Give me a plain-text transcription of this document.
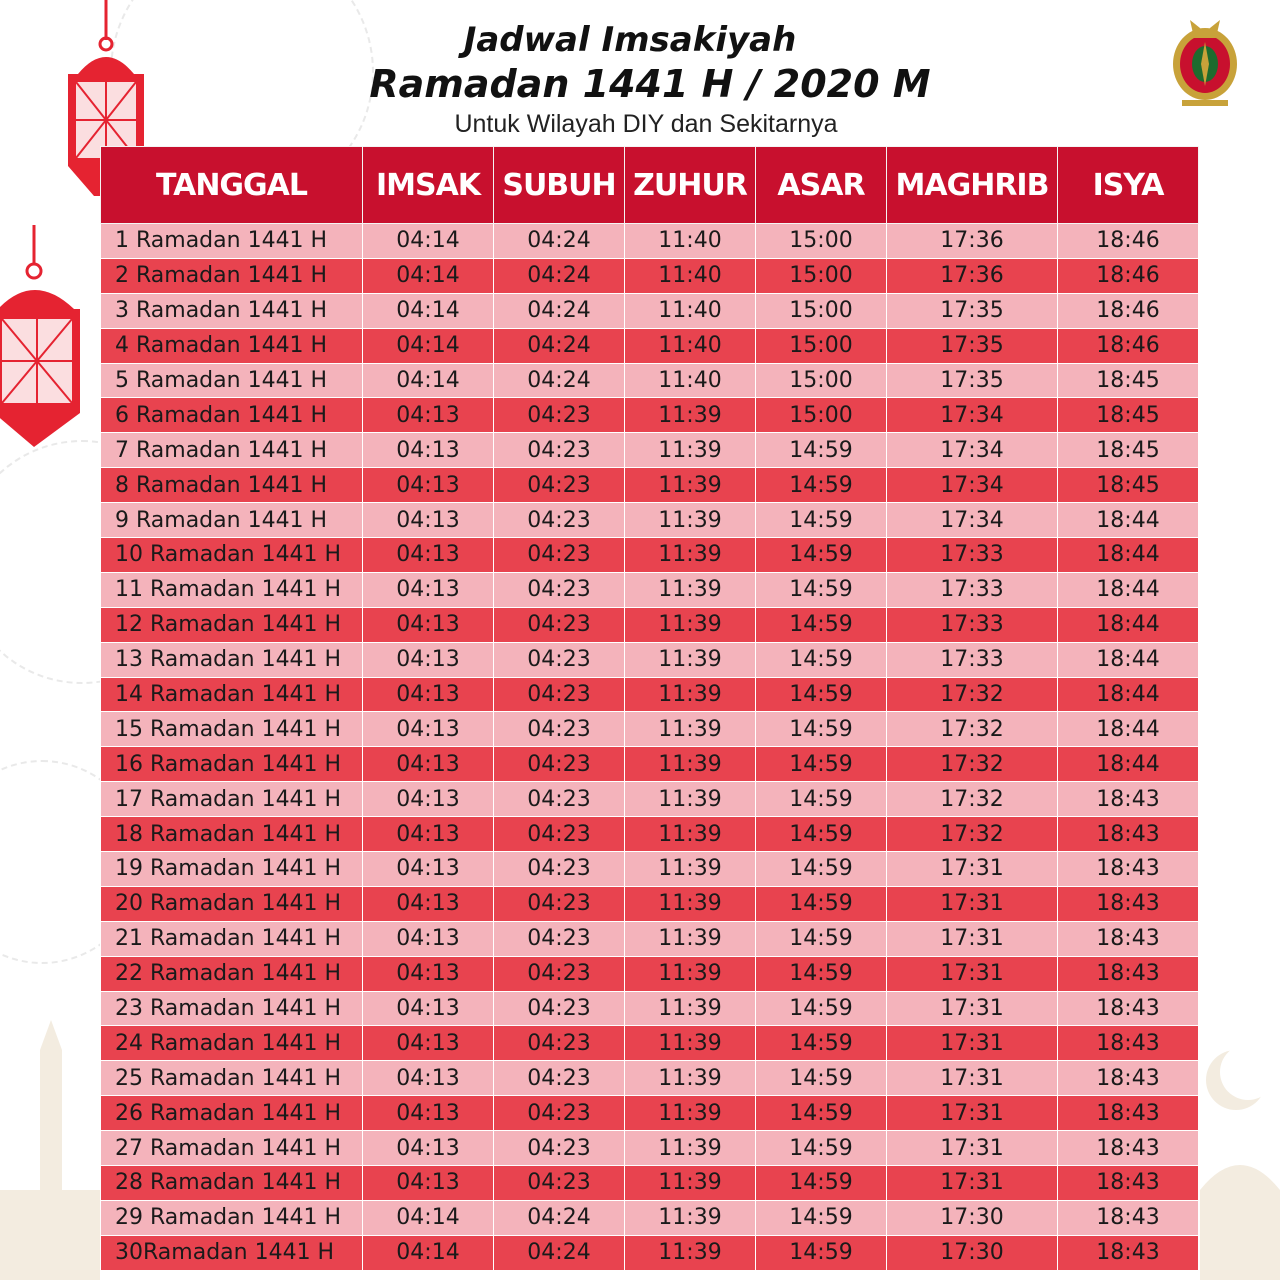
Jadwal Imsakiyah
Ramadan 1441 H / 2020 M
Untuk Wilayah DIY dan Sekitarnya
TANGGAL	IMSAK	SUBUH	ZUHUR	ASAR	MAGHRIB	ISYA
1 Ramadan 1441 H	04:14	04:24	11:40	15:00	17:36	18:46
2 Ramadan 1441 H	04:14	04:24	11:40	15:00	17:36	18:46
3 Ramadan 1441 H	04:14	04:24	11:40	15:00	17:35	18:46
4 Ramadan 1441 H	04:14	04:24	11:40	15:00	17:35	18:46
5 Ramadan 1441 H	04:14	04:24	11:40	15:00	17:35	18:45
6 Ramadan 1441 H	04:13	04:23	11:39	15:00	17:34	18:45
7 Ramadan 1441 H	04:13	04:23	11:39	14:59	17:34	18:45
8 Ramadan 1441 H	04:13	04:23	11:39	14:59	17:34	18:45
9 Ramadan 1441 H	04:13	04:23	11:39	14:59	17:34	18:44
10 Ramadan 1441 H	04:13	04:23	11:39	14:59	17:33	18:44
11 Ramadan 1441 H	04:13	04:23	11:39	14:59	17:33	18:44
12 Ramadan 1441 H	04:13	04:23	11:39	14:59	17:33	18:44
13 Ramadan 1441 H	04:13	04:23	11:39	14:59	17:33	18:44
14 Ramadan 1441 H	04:13	04:23	11:39	14:59	17:32	18:44
15 Ramadan 1441 H	04:13	04:23	11:39	14:59	17:32	18:44
16 Ramadan 1441 H	04:13	04:23	11:39	14:59	17:32	18:44
17 Ramadan 1441 H	04:13	04:23	11:39	14:59	17:32	18:43
18 Ramadan 1441 H	04:13	04:23	11:39	14:59	17:32	18:43
19 Ramadan 1441 H	04:13	04:23	11:39	14:59	17:31	18:43
20 Ramadan 1441 H	04:13	04:23	11:39	14:59	17:31	18:43
21 Ramadan 1441 H	04:13	04:23	11:39	14:59	17:31	18:43
22 Ramadan 1441 H	04:13	04:23	11:39	14:59	17:31	18:43
23 Ramadan 1441 H	04:13	04:23	11:39	14:59	17:31	18:43
24 Ramadan 1441 H	04:13	04:23	11:39	14:59	17:31	18:43
25 Ramadan 1441 H	04:13	04:23	11:39	14:59	17:31	18:43
26 Ramadan 1441 H	04:13	04:23	11:39	14:59	17:31	18:43
27 Ramadan 1441 H	04:13	04:23	11:39	14:59	17:31	18:43
28 Ramadan 1441 H	04:13	04:23	11:39	14:59	17:31	18:43
29 Ramadan 1441 H	04:14	04:24	11:39	14:59	17:30	18:43
30Ramadan 1441 H	04:14	04:24	11:39	14:59	17:30	18:43
